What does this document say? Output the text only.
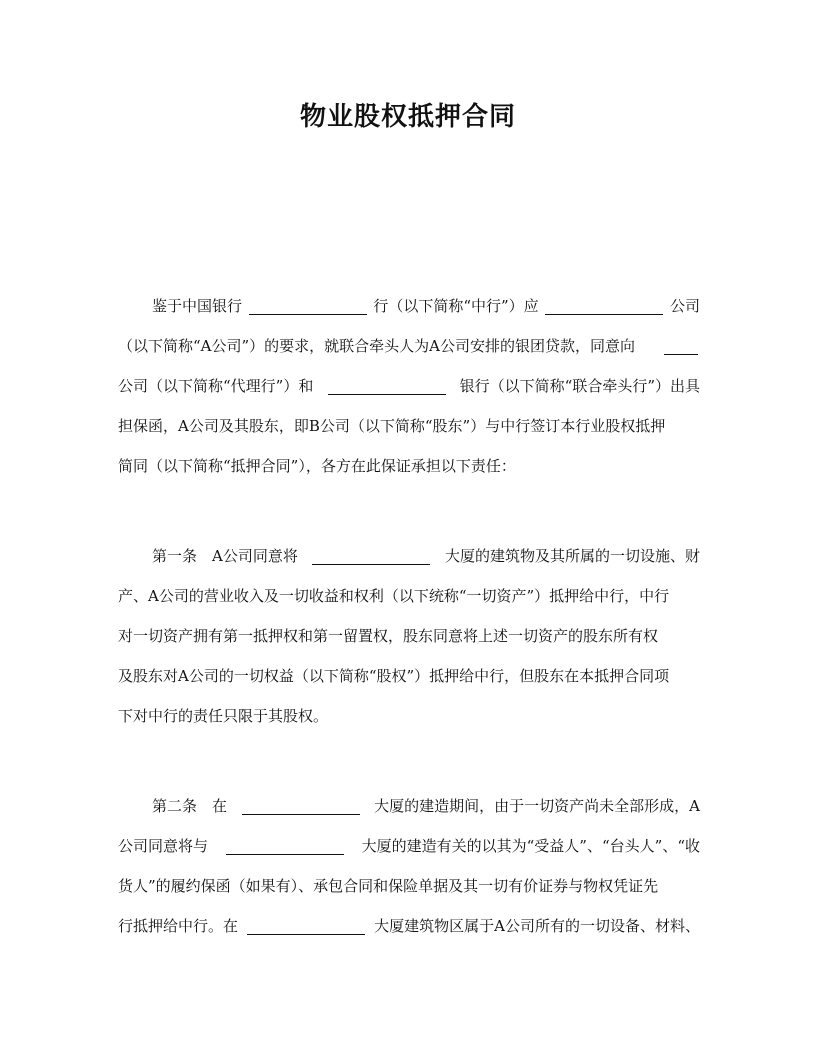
物业股权抵押合同
鉴于中国银行	行（以下简称“中行”）应	公司
（以下简称“A公司”）的要求，就联合牵头人为A公司安排的银团贷款，同意向
公司（以下简称“代理行”）和	银行（以下简称“联合牵头行”）出具
担保函，A公司及其股东，即B公司（以下简称“股东”）与中行签订本行业股权抵押
简同（以下简称“抵押合同”），各方在此保证承担以下责任：
第一条　A公司同意将	大厦的建筑物及其所属的一切设施、财
产、A公司的营业收入及一切收益和权利（以下统称“一切资产”）抵押给中行，中行
对一切资产拥有第一抵押权和第一留置权，股东同意将上述一切资产的股东所有权
及股东对A公司的一切权益（以下简称“股权”）抵押给中行，但股东在本抵押合同项
下对中行的责任只限于其股权。
第二条　在	大厦的建造期间，由于一切资产尚未全部形成，A
公司同意将与	大厦的建造有关的以其为“受益人”、“台头人”、“收
货人”的履约保函（如果有）、承包合同和保险单据及其一切有价证券与物权凭证先
行抵押给中行。在	大厦建筑物区属于A公司所有的一切设备、材料、
